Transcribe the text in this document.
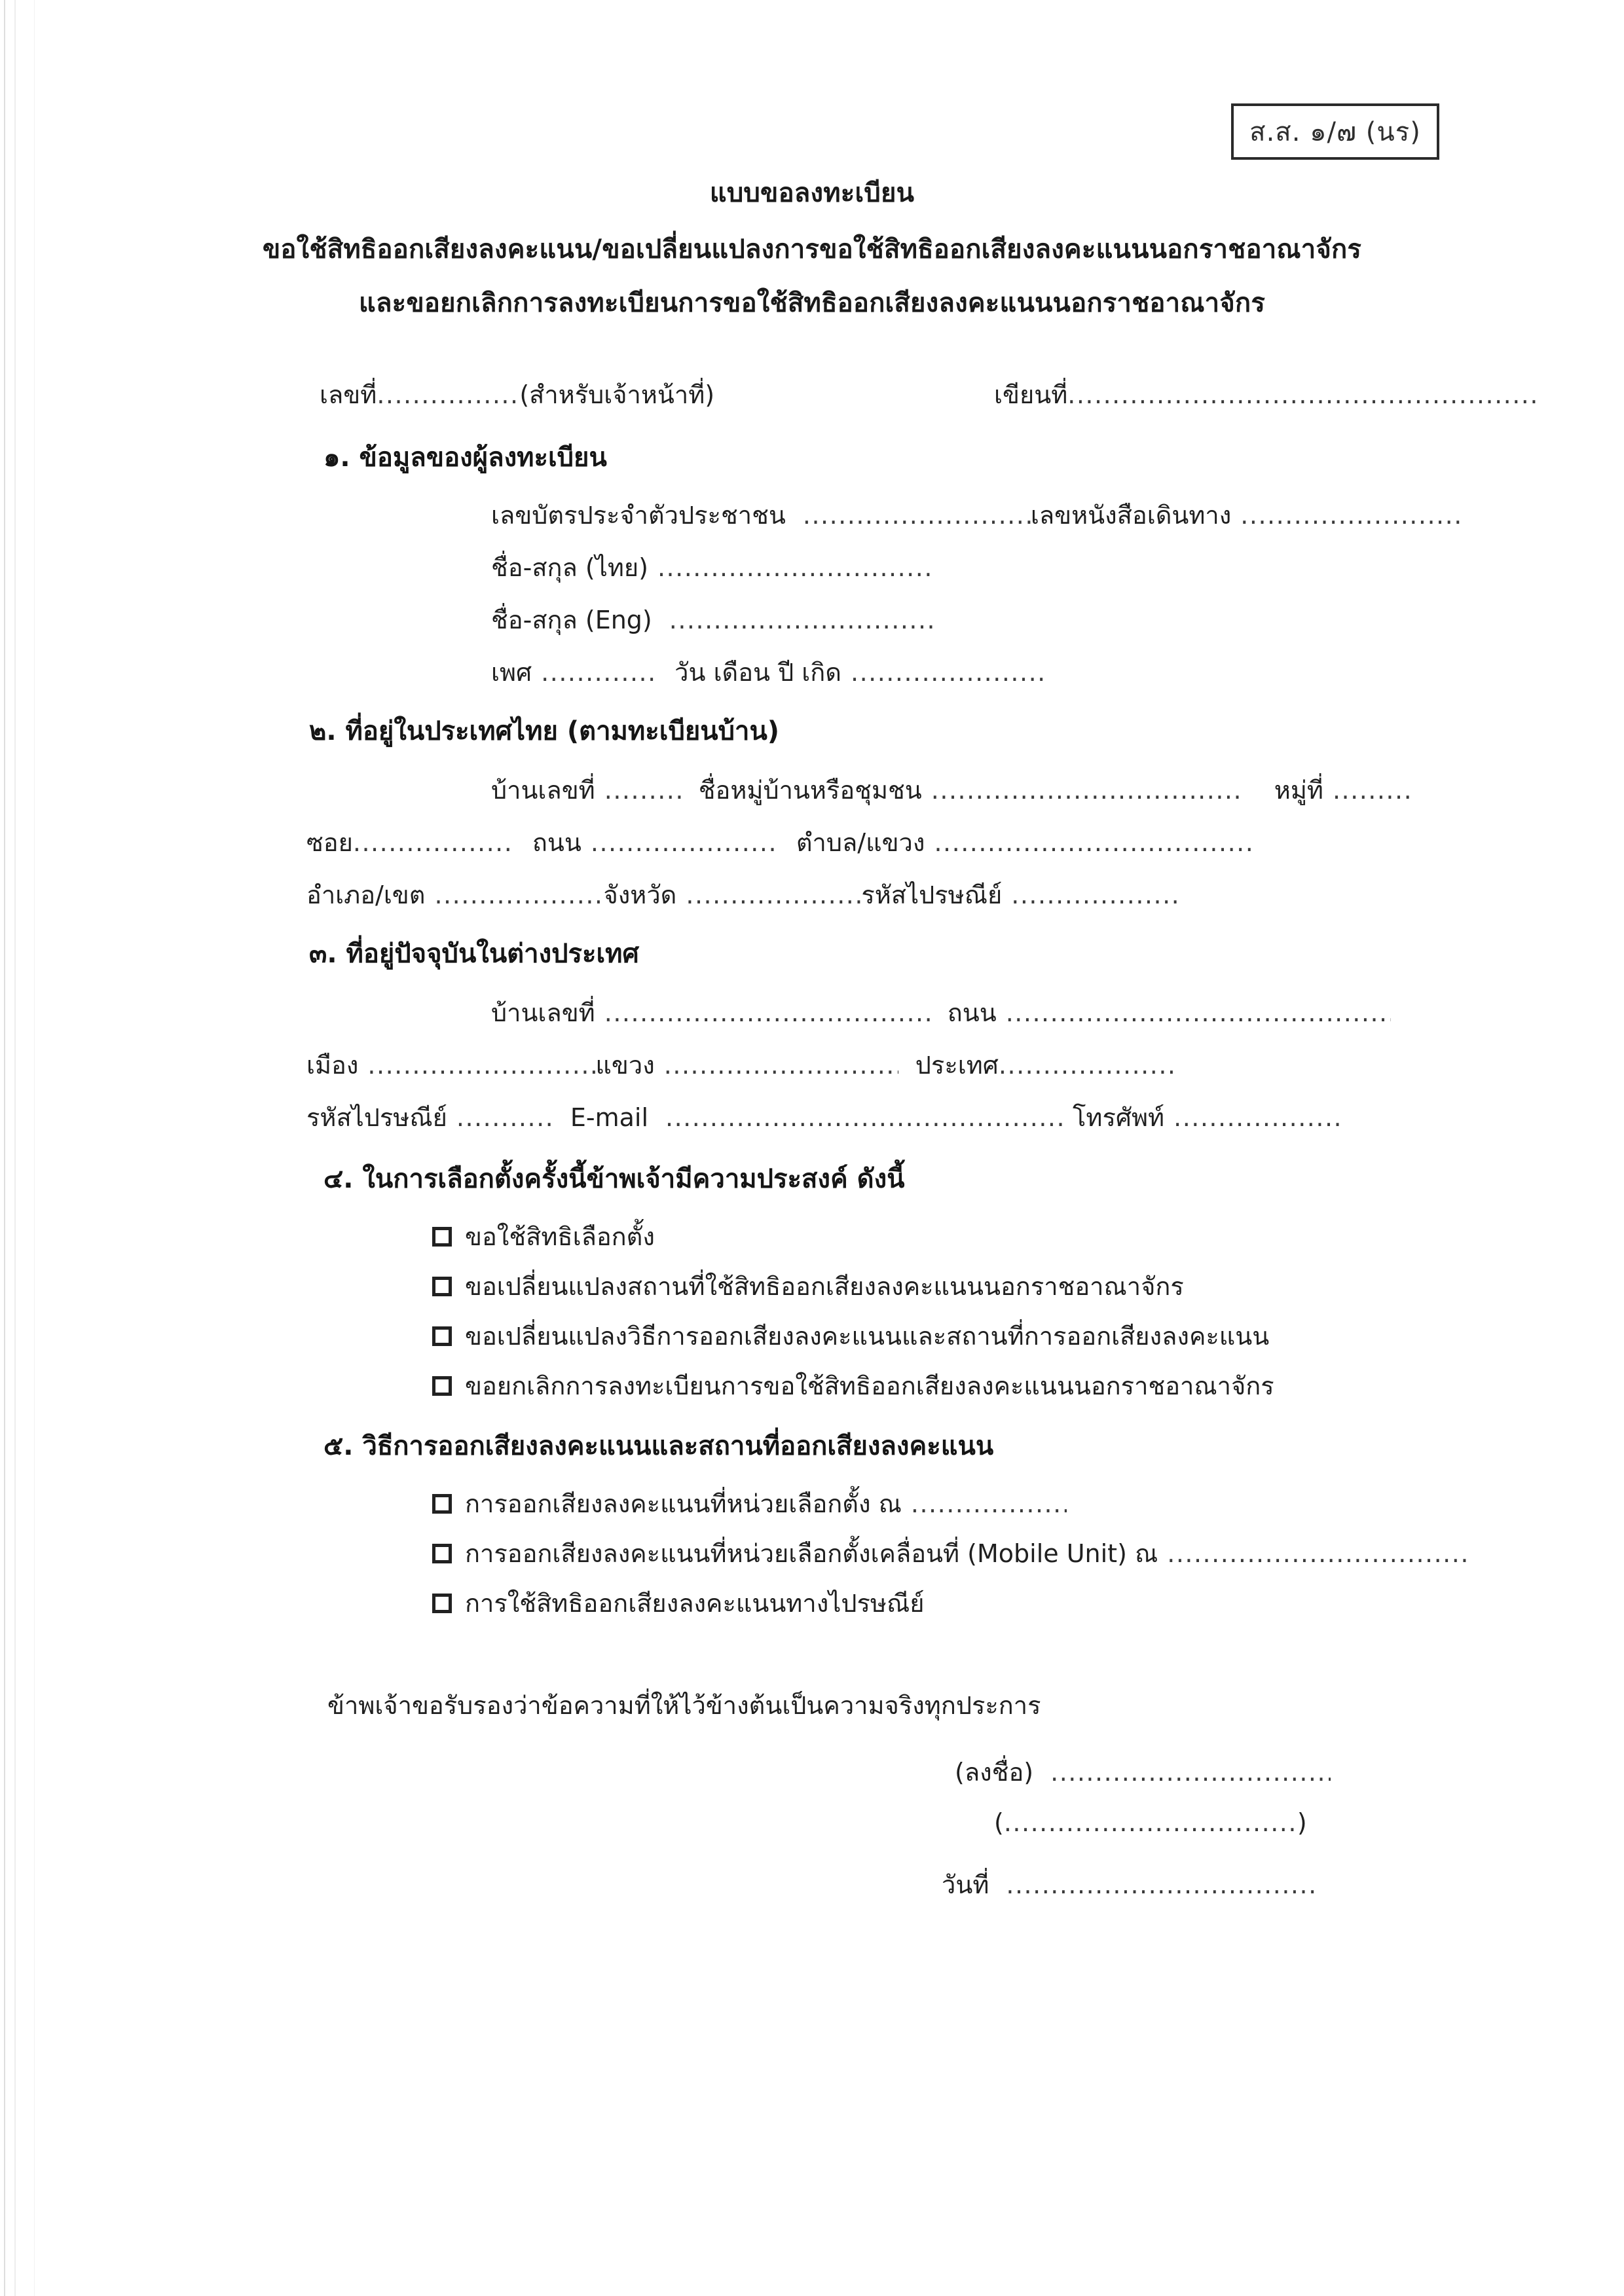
ส.ส. ๑/๗ (นร)
แบบขอลงทะเบียน
ขอใช้สิทธิออกเสียงลงคะแนน/ขอเปลี่ยนแปลงการขอใช้สิทธิออกเสียงลงคะแนนนอกราชอาณาจักร
และขอยกเลิกการลงทะเบียนการขอใช้สิทธิออกเสียงลงคะแนนนอกราชอาณาจักร
เลขที่ .....	(สำหรับเจ้าหน้าที่)	เขียนที่
.....
๑. ข้อมูลของผู้ลงทะเบียน
เลขบัตรประจำตัวประชาชน .....	เลขหนังสือเดินทาง
.....
ชื่อ-สกุล (ไทย)
.....
ชื่อ-สกุล (Eng)
.....
เพศ .....	วัน เดือน ปี เกิด
.....
๒. ที่อยู่ในประเทศไทย (ตามทะเบียนบ้าน)
บ้านเลขที่ .....	ชื่อหมู่บ้านหรือชุมชน .....	หมู่ที่
.....
ซอย .....	ถนน .....	ตำบล/แขวง
.....
อำเภอ/เขต .....	จังหวัด .....	รหัสไปรษณีย์
.....
๓. ที่อยู่ปัจจุบันในต่างประเทศ
บ้านเลขที่ .....	ถนน
.....
เมือง .....	แขวง .....	ประเทศ
.....
รหัสไปรษณีย์ .....	E-mail .....	โทรศัพท์
.....
๔. ในการเลือกตั้งครั้งนี้ข้าพเจ้ามีความประสงค์ ดังนี้
ขอใช้สิทธิเลือกตั้ง
ขอเปลี่ยนแปลงสถานที่ใช้สิทธิออกเสียงลงคะแนนนอกราชอาณาจักร
ขอเปลี่ยนแปลงวิธีการออกเสียงลงคะแนนและสถานที่การออกเสียงลงคะแนน
ขอยกเลิกการลงทะเบียนการขอใช้สิทธิออกเสียงลงคะแนนนอกราชอาณาจักร
๕. วิธีการออกเสียงลงคะแนนและสถานที่ออกเสียงลงคะแนน
การออกเสียงลงคะแนนที่หน่วยเลือกตั้ง ณ
.....
การออกเสียงลงคะแนนที่หน่วยเลือกตั้งเคลื่อนที่ (Mobile Unit) ณ
.....
การใช้สิทธิออกเสียงลงคะแนนทางไปรษณีย์
ข้าพเจ้าขอรับรองว่าข้อความที่ให้ไว้ข้างต้นเป็นความจริงทุกประการ
(ลงชื่อ)
.....
( .....	)
วันที่
.....
